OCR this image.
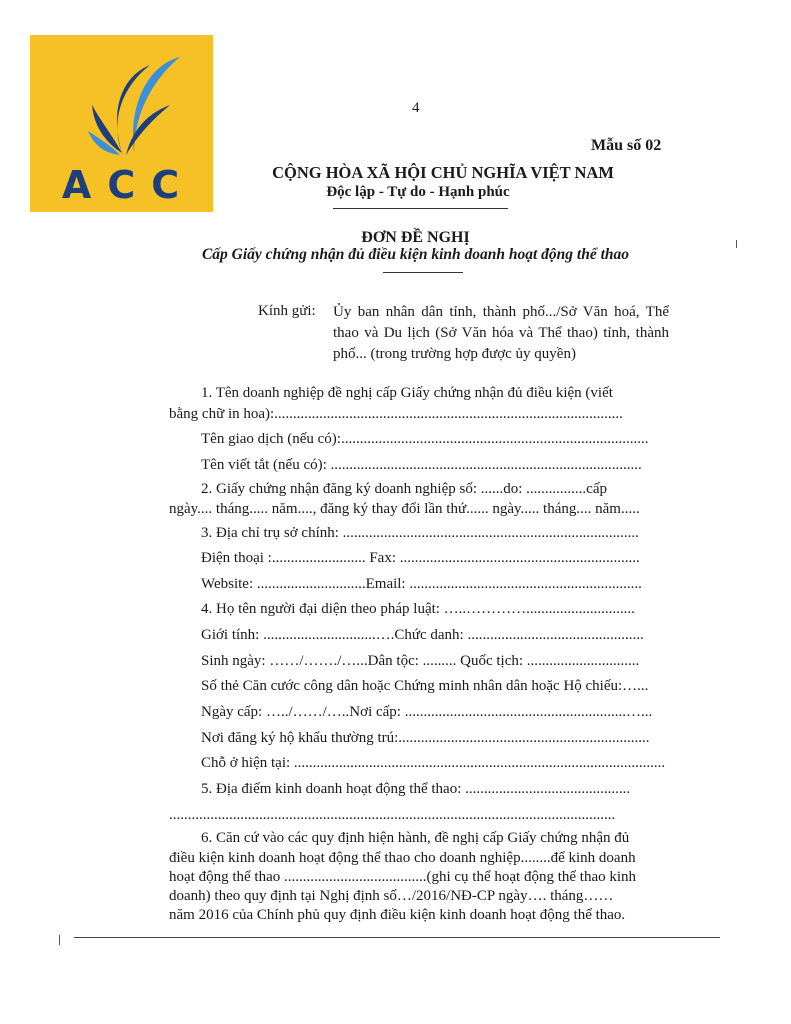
ACC
4
Mẫu số 02
CỘNG HÒA XÃ HỘI CHỦ NGHĨA VIỆT NAM
Độc lập - Tự do - Hạnh phúc
ĐƠN ĐỀ NGHỊ
Cấp Giấy chứng nhận đủ điều kiện kinh doanh hoạt động thể thao
Kính gửi: Ủy ban nhân dân tỉnh, thành phố.../Sở Văn hoá, Thể thao và Du lịch (Sở Văn hóa và Thể thao) tỉnh, thành phố... (trong trường hợp được ủy quyền)
1. Tên doanh nghiệp đề nghị cấp Giấy chứng nhận đủ điều kiện (viết
bằng chữ in hoa):.............................................................................................
Tên giao dịch (nếu có):..................................................................................
Tên viết tắt (nếu có): ...................................................................................
2. Giấy chứng nhận đăng ký doanh nghiệp số: ......do: ................cấp
ngày.... tháng..... năm...., đăng ký thay đổi lần thứ...... ngày..... tháng.... năm.....
3. Địa chỉ trụ sở chính: ...............................................................................
Điện thoại :......................... Fax: ................................................................
Website: .............................Email: ..............................................................
4. Họ tên người đại diện theo pháp luật: …..………….............................
Giới tính: ..............................….Chức danh: ...............................................
Sinh ngày: ……/……./…...Dân tộc: ......... Quốc tịch: ..............................
Số thẻ Căn cước công dân hoặc Chứng minh nhân dân hoặc Hộ chiếu:…...
Ngày cấp: …../……/…..Nơi cấp: ...........................................................…...
Nơi đăng ký hộ khẩu thường trú:...................................................................
Chỗ ở hiện tại: ...................................................................................................
5. Địa điểm kinh doanh hoạt động thể thao: ............................................
.......................................................................................................................
6. Căn cứ vào các quy định hiện hành, đề nghị cấp Giấy chứng nhận đủ
điều kiện kinh doanh hoạt động thể thao cho doanh nghiệp........để kinh doanh
hoạt động thể thao ......................................(ghi cụ thể hoạt động thể thao kinh
doanh) theo quy định tại Nghị định số…/2016/NĐ-CP ngày…. tháng……
năm 2016 của Chính phủ quy định điều kiện kinh doanh hoạt động thể thao.
